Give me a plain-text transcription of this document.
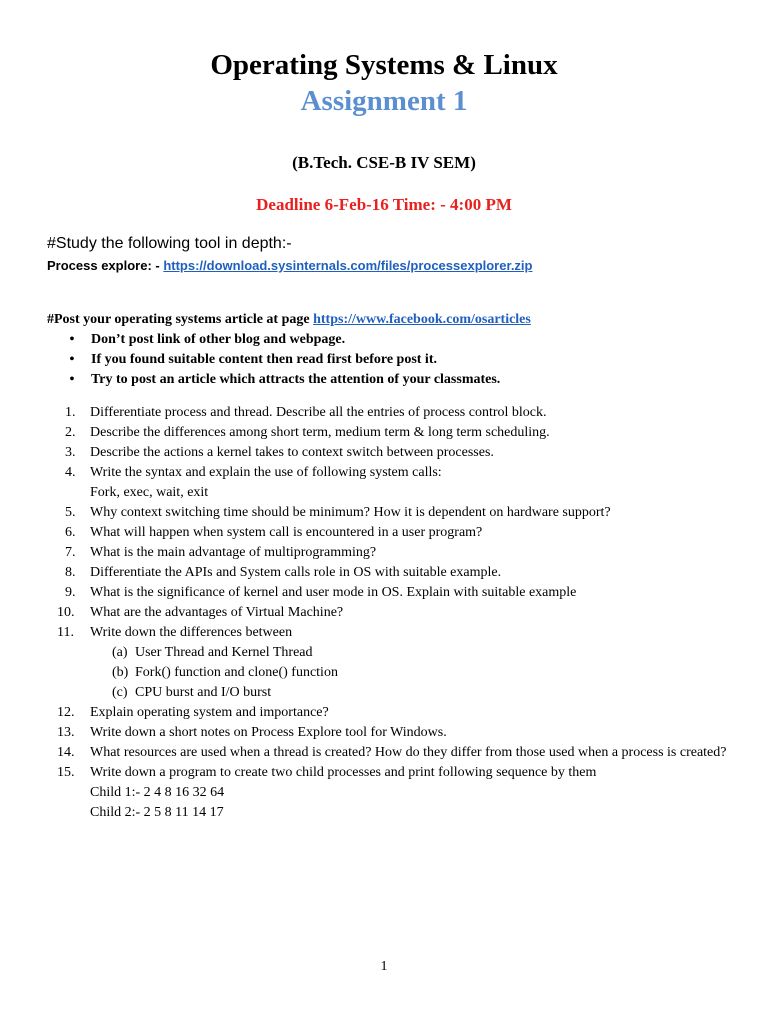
Operating Systems & Linux
Assignment 1
(B.Tech. CSE-B IV SEM)
Deadline 6-Feb-16 Time: - 4:00 PM
#Study the following tool in depth:-
Process explore: - https://download.sysinternals.com/files/processexplorer.zip
#Post your operating systems article at page https://www.facebook.com/osarticles
•	Don’t post link of other blog and webpage.
•	If you found suitable content then read first before post it.
•	Try to post an article which attracts the attention of your classmates.
1. Differentiate process and thread. Describe all the entries of process control block.
2. Describe the differences among short term, medium term & long term scheduling.
3. Describe the actions a kernel takes to context switch between processes.
4. Write the syntax and explain the use of following system calls:
Fork, exec, wait, exit
5. Why context switching time should be minimum? How it is dependent on hardware support?
6. What will happen when system call is encountered in a user program?
7. What is the main advantage of multiprogramming?
8. Differentiate the APIs and System calls role in OS with suitable example.
9. What is the significance of kernel and user mode in OS. Explain with suitable example
10. What are the advantages of Virtual Machine?
11. Write down the differences between
(a) User Thread and Kernel Thread
(b) Fork() function and clone() function
(c) CPU burst and I/O burst
12. Explain operating system and importance?
13. Write down a short notes on Process Explore tool for Windows.
14. What resources are used when a thread is created? How do they differ from those used when a process is created?
15. Write down a program to create two child processes and print following sequence by them
Child 1:- 2 4 8 16 32 64
Child 2:- 2 5 8 11 14 17
1
